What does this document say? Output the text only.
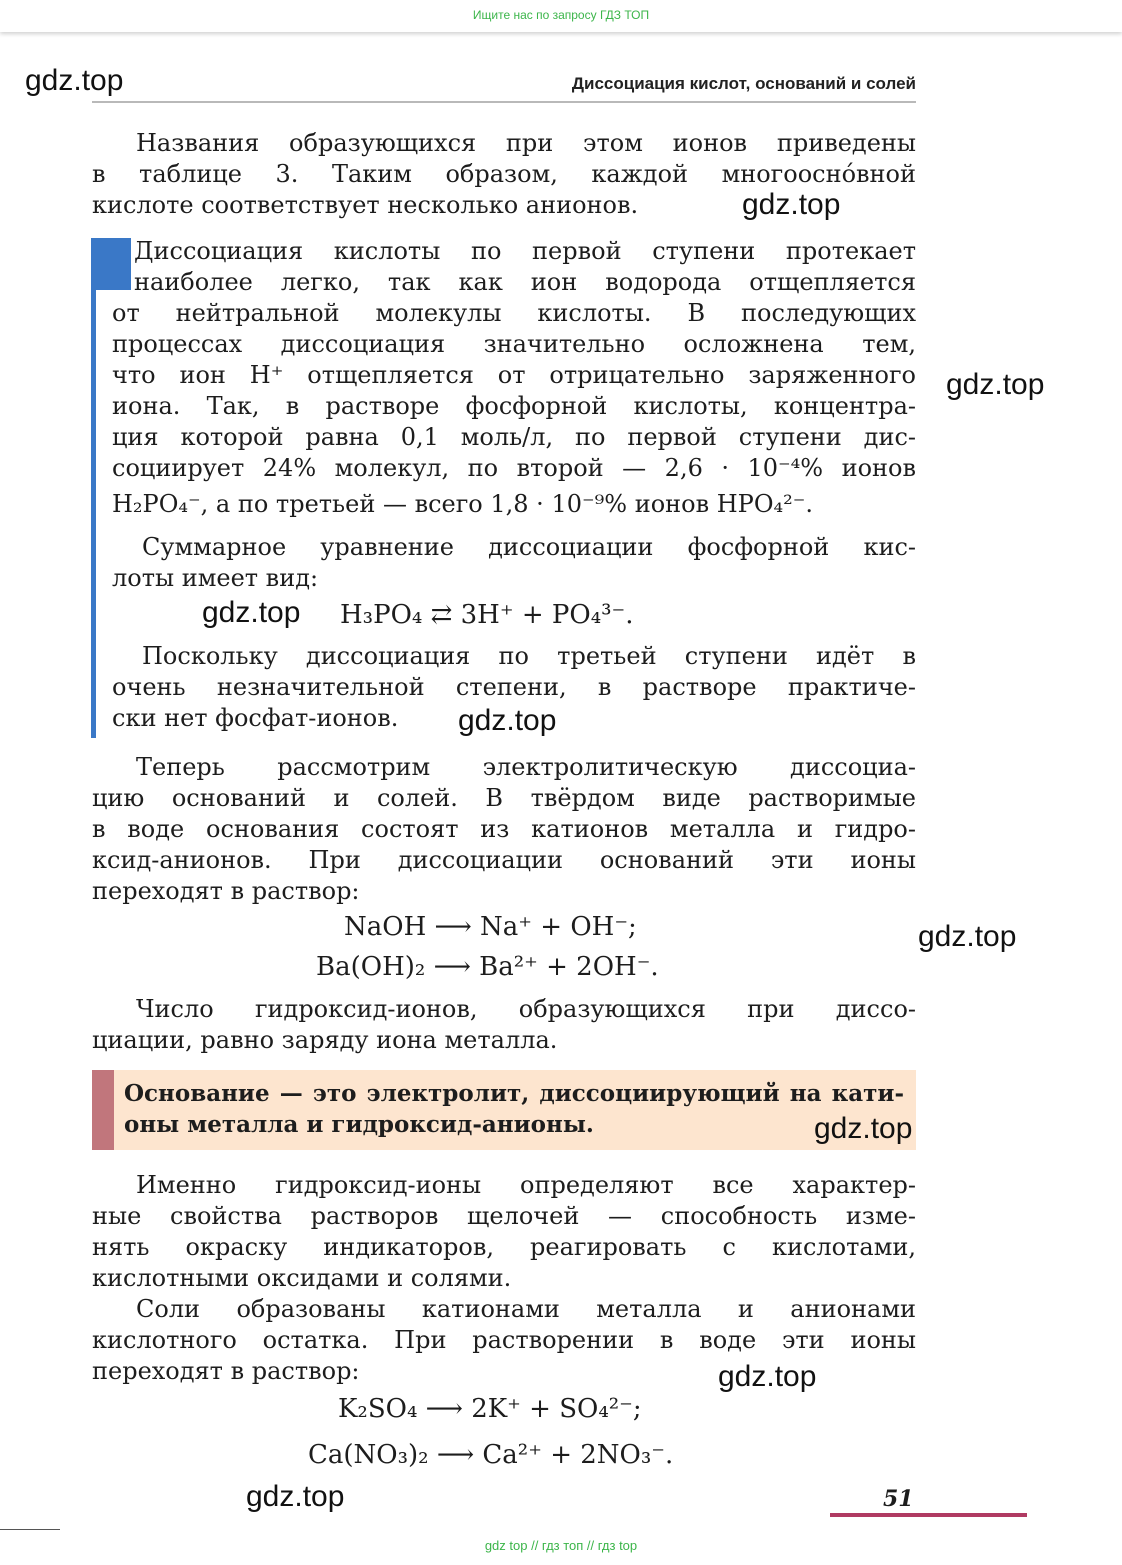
Ищите нас по запросу ГДЗ ТОП
gdz.top	Диссоциация кислот, оснований и солей
Названия образующихся при этом ионов приведены
в таблице 3. Таким образом, каждой многоосно́вной
кислоте соответствует несколько анионов.	gdz.top
Диссоциация кислоты по первой ступени протекает
наиболее легко, так как ион водорода отщепляется
от нейтральной молекулы кислоты. В последующих
процессах диссоциация значительно осложнена тем,
что ион H⁺ отщепляется от отрицательно заряженного
иона. Так, в растворе фосфорной кислоты, концентра-
ция которой равна 0,1 моль/л, по первой ступени дис-
социирует 24% молекул, по второй — 2,6 · 10⁻⁴% ионов
H₂PO₄⁻, а по третьей — всего 1,8 · 10⁻⁹% ионов HPO₄²⁻.
gdz.top
Суммарное уравнение диссоциации фосфорной кис-
лоты имеет вид:
gdz.top H₃PO₄ ⇄ 3H⁺ + PO₄³⁻.
Поскольку диссоциация по третьей ступени идёт в
очень незначительной степени, в растворе практиче-
ски нет фосфат-ионов.	gdz.top
Теперь рассмотрим электролитическую диссоциа-
цию оснований и солей. В твёрдом виде растворимые
в воде основания состоят из катионов металла и гидро-
ксид-анионов. При диссоциации оснований эти ионы
переходят в раствор:
NaOH ⟶ Na⁺ + OH⁻;	gdz.top
Ba(OH)₂ ⟶ Ba²⁺ + 2OH⁻.
Число гидроксид-ионов, образующихся при диссо-
циации, равно заряду иона металла.
Основание — это электролит, диссоциирующий на кати-
оны металла и гидроксид-анионы.	gdz.top
Именно гидроксид-ионы определяют все характер-
ные свойства растворов щелочей — способность изме-
нять окраску индикаторов, реагировать с кислотами,
кислотными оксидами и солями.
Соли образованы катионами металла и анионами
кислотного остатка. При растворении в воде эти ионы
переходят в раствор:	gdz.top
K₂SO₄ ⟶ 2K⁺ + SO₄²⁻;
Ca(NO₃)₂ ⟶ Ca²⁺ + 2NO₃⁻.
gdz.top	51
gdz top // гдз топ // гдз top
